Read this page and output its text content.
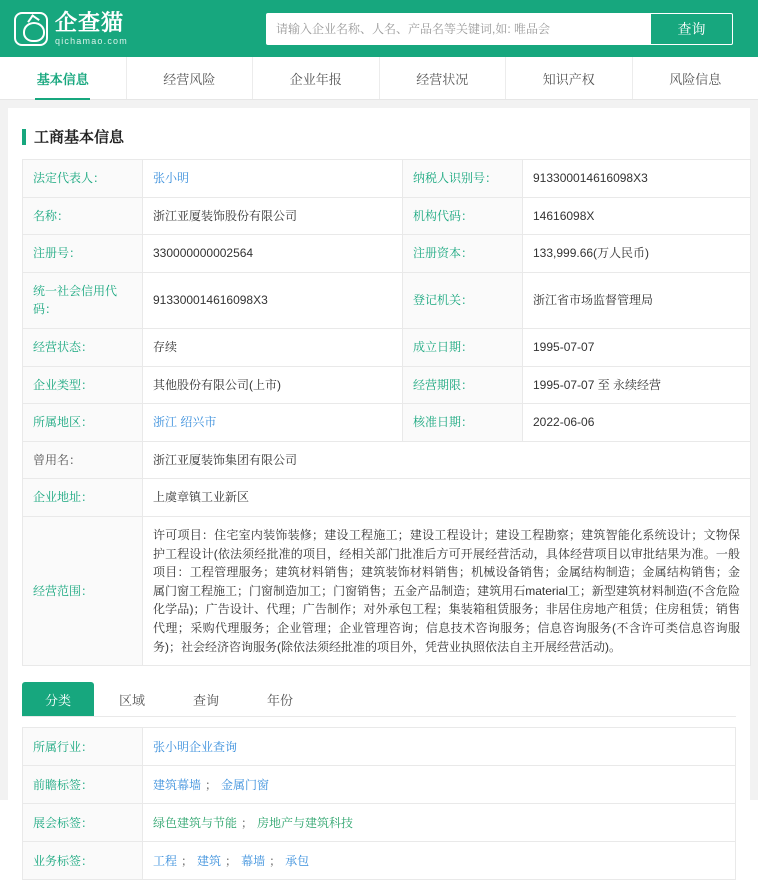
企查猫
qichamao.com
请输入企业名称、人名、产品名等关键词,如: 唯品会
查询
基本信息	经营风险	企业年报	经营状况	知识产权	风险信息
工商基本信息
法定代表人：	张小明	纳税人识别号：	913300014616098X3
名称：	浙江亚厦装饰股份有限公司	机构代码：	14616098X
注册号：	330000000002564	注册资本：	133,999.66(万人民币)
统一社会信用代码：	913300014616098X3	登记机关：	浙江省市场监督管理局
经营状态：	存续	成立日期：	1995-07-07
企业类型：	其他股份有限公司(上市)	经营期限：	1995-07-07 至 永续经营
所属地区：	浙江 绍兴市	核准日期：	2022-06-06
曾用名：	浙江亚厦装饰集团有限公司		
企业地址：	上虞章镇工业新区		
经营范围：	许可项目：住宅室内装饰装修；建设工程施工；建设工程设计；建设工程勘察；建筑智能化系统设计；文物保护工程设计(依法须经批准的项目，经相关部门批准后方可开展经营活动，具体经营项目以审批结果为准。一般项目：工程管理服务；建筑材料销售；建筑装饰材料销售；机械设备销售；金属结构制造；金属结构销售；金属门窗工程施工；门窗制造加工；门窗销售；五金产品制造；建筑用石material工；新型建筑材料制造(不含危险化学品)；广告设计、代理；广告制作；对外承包工程；集装箱租赁服务；非居住房地产租赁；住房租赁；销售代理；采购代理服务；企业管理；企业管理咨询；信息技术咨询服务；信息咨询服务(不含许可类信息咨询服务)；社会经济咨询服务(除依法须经批准的项目外，凭营业执照依法自主开展经营活动)。		
分类	区域	查询	年份
所属行业：	张小明企业查询
前瞻标签：	建筑幕墙 ； 金属门窗
展会标签：	绿色建筑与节能 ； 房地产与建筑科技
业务标签：	工程 ； 建筑 ； 幕墙 ； 承包
